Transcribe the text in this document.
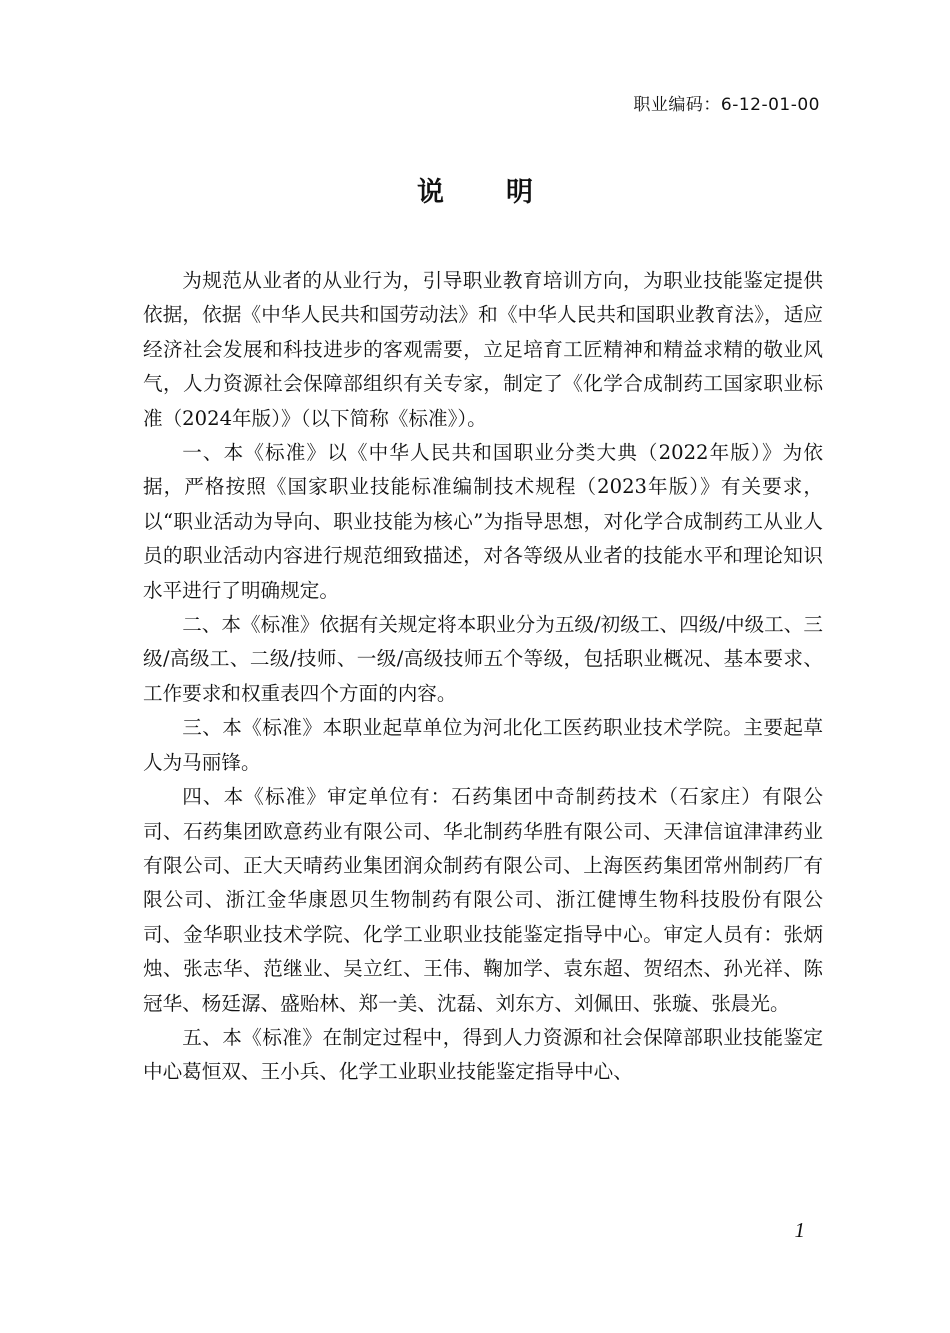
职业编码：6-12-01-00
说明

为规范从业者的从业行为，引导职业教育培训方向，为职业技能鉴定提供依据，依据《中华人民共和国劳动法》和《中华人民共和国职业教育法》，适应经济社会发展和科技进步的客观需要，立足培育工匠精神和精益求精的敬业风气，人力资源社会保障部组织有关专家，制定了《化学合成制药工国家职业标准（2024年版）》（以下简称《标准》）。

一、本《标准》以《中华人民共和国职业分类大典（2022年版）》为依据，严格按照《国家职业技能标准编制技术规程（2023年版）》有关要求，以“职业活动为导向、职业技能为核心”为指导思想，对化学合成制药工从业人员的职业活动内容进行规范细致描述，对各等级从业者的技能水平和理论知识水平进行了明确规定。

二、本《标准》依据有关规定将本职业分为五级/初级工、四级/中级工、三级/高级工、二级/技师、一级/高级技师五个等级，包括职业概况、基本要求、工作要求和权重表四个方面的内容。

三、本《标准》本职业起草单位为河北化工医药职业技术学院。主要起草人为马丽锋。

四、本《标准》审定单位有：石药集团中奇制药技术（石家庄）有限公司、石药集团欧意药业有限公司、华北制药华胜有限公司、天津信谊津津药业有限公司、正大天晴药业集团润众制药有限公司、上海医药集团常州制药厂有限公司、浙江金华康恩贝生物制药有限公司、浙江健博生物科技股份有限公司、金华职业技术学院、化学工业职业技能鉴定指导中心。审定人员有：张炳烛、张志华、范继业、吴立红、王伟、鞠加学、袁东超、贺绍杰、孙光祥、陈冠华、杨廷潺、盛贻林、郑一美、沈磊、刘东方、刘佩田、张璇、张晨光。

五、本《标准》在制定过程中，得到人力资源和社会保障部职业技能鉴定中心葛恒双、王小兵、化学工业职业技能鉴定指导中心、

1
